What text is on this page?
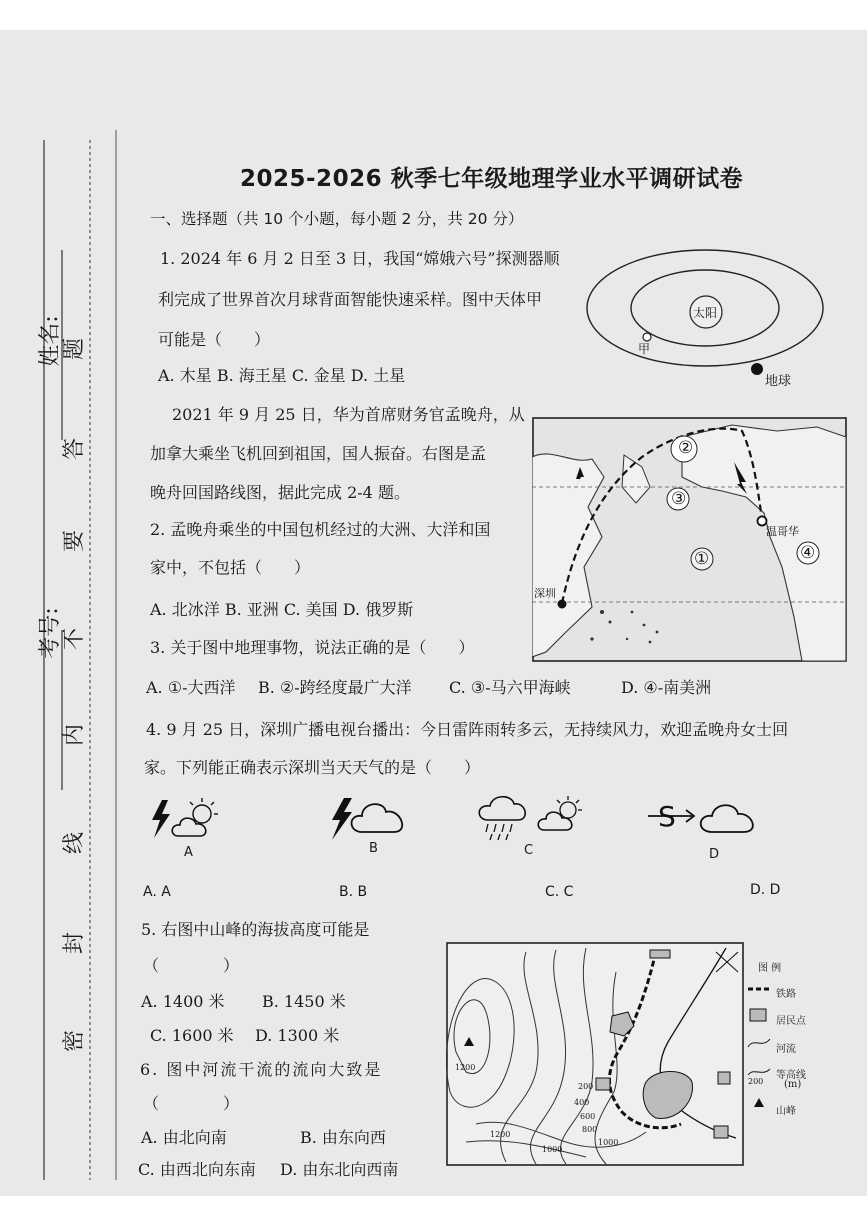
姓名:
考号:
密
封
线
内
不
要
答
题
2025-2026 秋季七年级地理学业水平调研试卷
一、选择题（共 10 个小题，每小题 2 分，共 20 分）
1. 2024 年 6 月 2 日至 3 日，我国“嫦娥六号”探测器顺
利完成了世界首次月球背面智能快速采样。图中天体甲
可能是（　　）
A. 木星 B. 海王星 C. 金星 D. 土星
太阳
甲
地球
2021 年 9 月 25 日，华为首席财务官孟晚舟，从
加拿大乘坐飞机回到祖国，国人振奋。右图是孟
晚舟回国路线图，据此完成 2-4 题。
2. 孟晚舟乘坐的中国包机经过的大洲、大洋和国
家中，不包括（　　）
A. 北冰洋 B. 亚洲 C. 美国 D. 俄罗斯
②
③
①	④
温哥华
深圳
3. 关于图中地理事物，说法正确的是（　　）
A. ①-大西洋 B. ②-跨经度最广大洋 C. ③-马六甲海峡	D. ④-南美洲
4. 9 月 25 日，深圳广播电视台播出：今日雷阵雨转多云，无持续风力，欢迎孟晚舟女士回
家。下列能正确表示深圳当天天气的是（　　）
S
A	B	C	D
A. A	B. B	C. C	D. D
5. 右图中山峰的海拔高度可能是
（　　　　）
A. 1400 米 B. 1450 米
C. 1600 米 D. 1300 米
6. 图中河流干流的流向大致是
（　　　　）
A. 由北向南	B. 由东向西
C. 由西北向东南 D. 由东北向西南
图 例
铁路
居民点
河流
等高线
(m)
山峰
1200
1000
800
600
400
200
200
1200
1000
